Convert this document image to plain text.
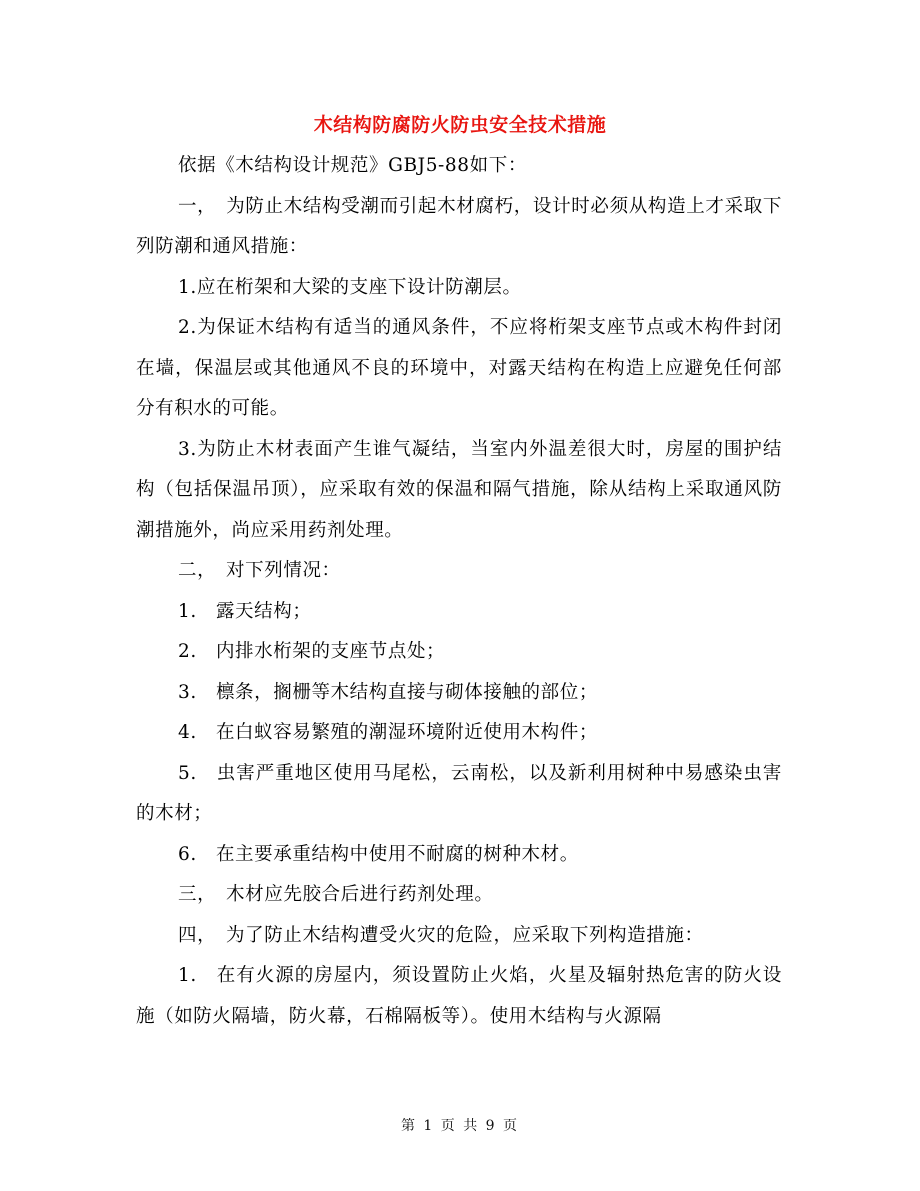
木结构防腐防火防虫安全技术措施

依据《木结构设计规范》GBJ5-88如下：

一，　为防止木结构受潮而引起木材腐朽，设计时必须从构造上才采取下列防潮和通风措施：

1.应在桁架和大梁的支座下设计防潮层。

2.为保证木结构有适当的通风条件，不应将桁架支座节点或木构件封闭在墙，保温层或其他通风不良的环境中，对露天结构在构造上应避免任何部分有积水的可能。

3.为防止木材表面产生谁气凝结，当室内外温差很大时，房屋的围护结构（包括保温吊顶），应采取有效的保温和隔气措施，除从结构上采取通风防潮措施外，尚应采用药剂处理。

二，　对下列情况：

1.　露天结构；

2.　内排水桁架的支座节点处；

3.　檩条，搁栅等木结构直接与砌体接触的部位；

4.　在白蚁容易繁殖的潮湿环境附近使用木构件；

5.　虫害严重地区使用马尾松，云南松，以及新利用树种中易感染虫害的木材；

6.　在主要承重结构中使用不耐腐的树种木材。

三，　木材应先胶合后进行药剂处理。

四，　为了防止木结构遭受火灾的危险，应采取下列构造措施：

1.　在有火源的房屋内，须设置防止火焰，火星及辐射热危害的防火设施（如防火隔墙，防火幕，石棉隔板等）。使用木结构与火源隔

第 1 页 共 9 页
